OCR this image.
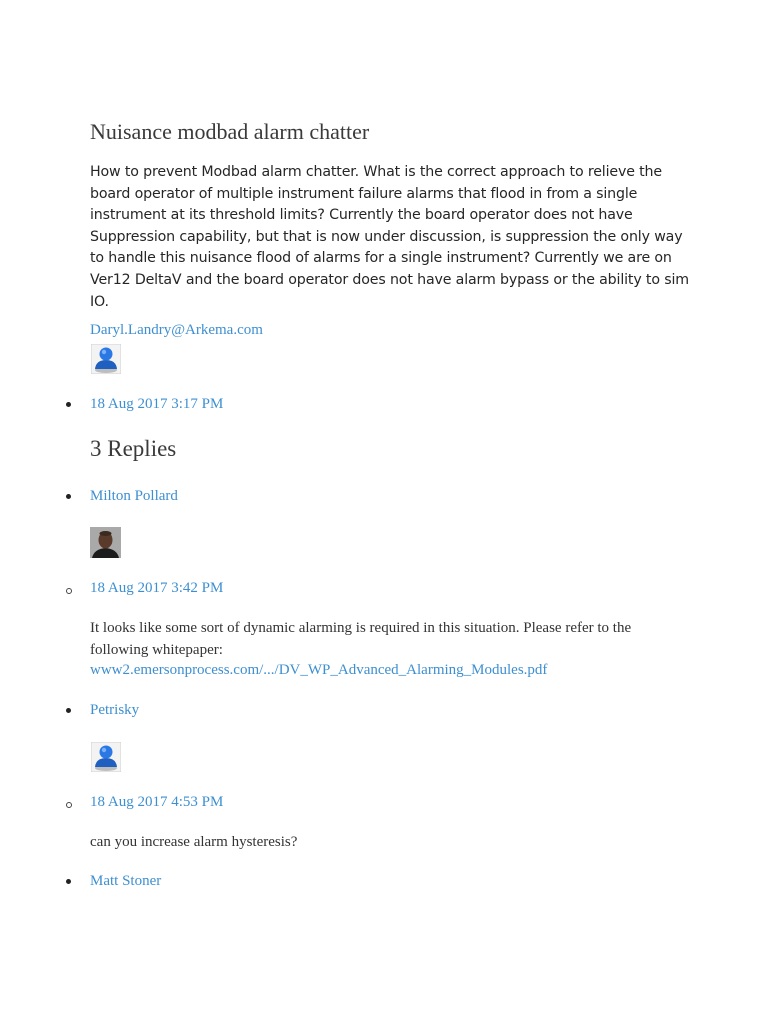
Nuisance modbad alarm chatter
How to prevent Modbad alarm chatter. What is the correct approach to relieve the board operator of multiple instrument failure alarms that flood in from a single instrument at its threshold limits? Currently the board operator does not have Suppression capability, but that is now under discussion, is suppression the only way to handle this nuisance flood of alarms for a single instrument? Currently we are on Ver12 DeltaV and the board operator does not have alarm bypass or the ability to sim IO.
Daryl.Landry@Arkema.com
18 Aug 2017 3:17 PM
3 Replies
Milton Pollard
18 Aug 2017 3:42 PM
It looks like some sort of dynamic alarming is required in this situation. Please refer to the following whitepaper:
www2.emersonprocess.com/.../DV_WP_Advanced_Alarming_Modules.pdf
Petrisky
18 Aug 2017 4:53 PM
can you increase alarm hysteresis?
Matt Stoner
